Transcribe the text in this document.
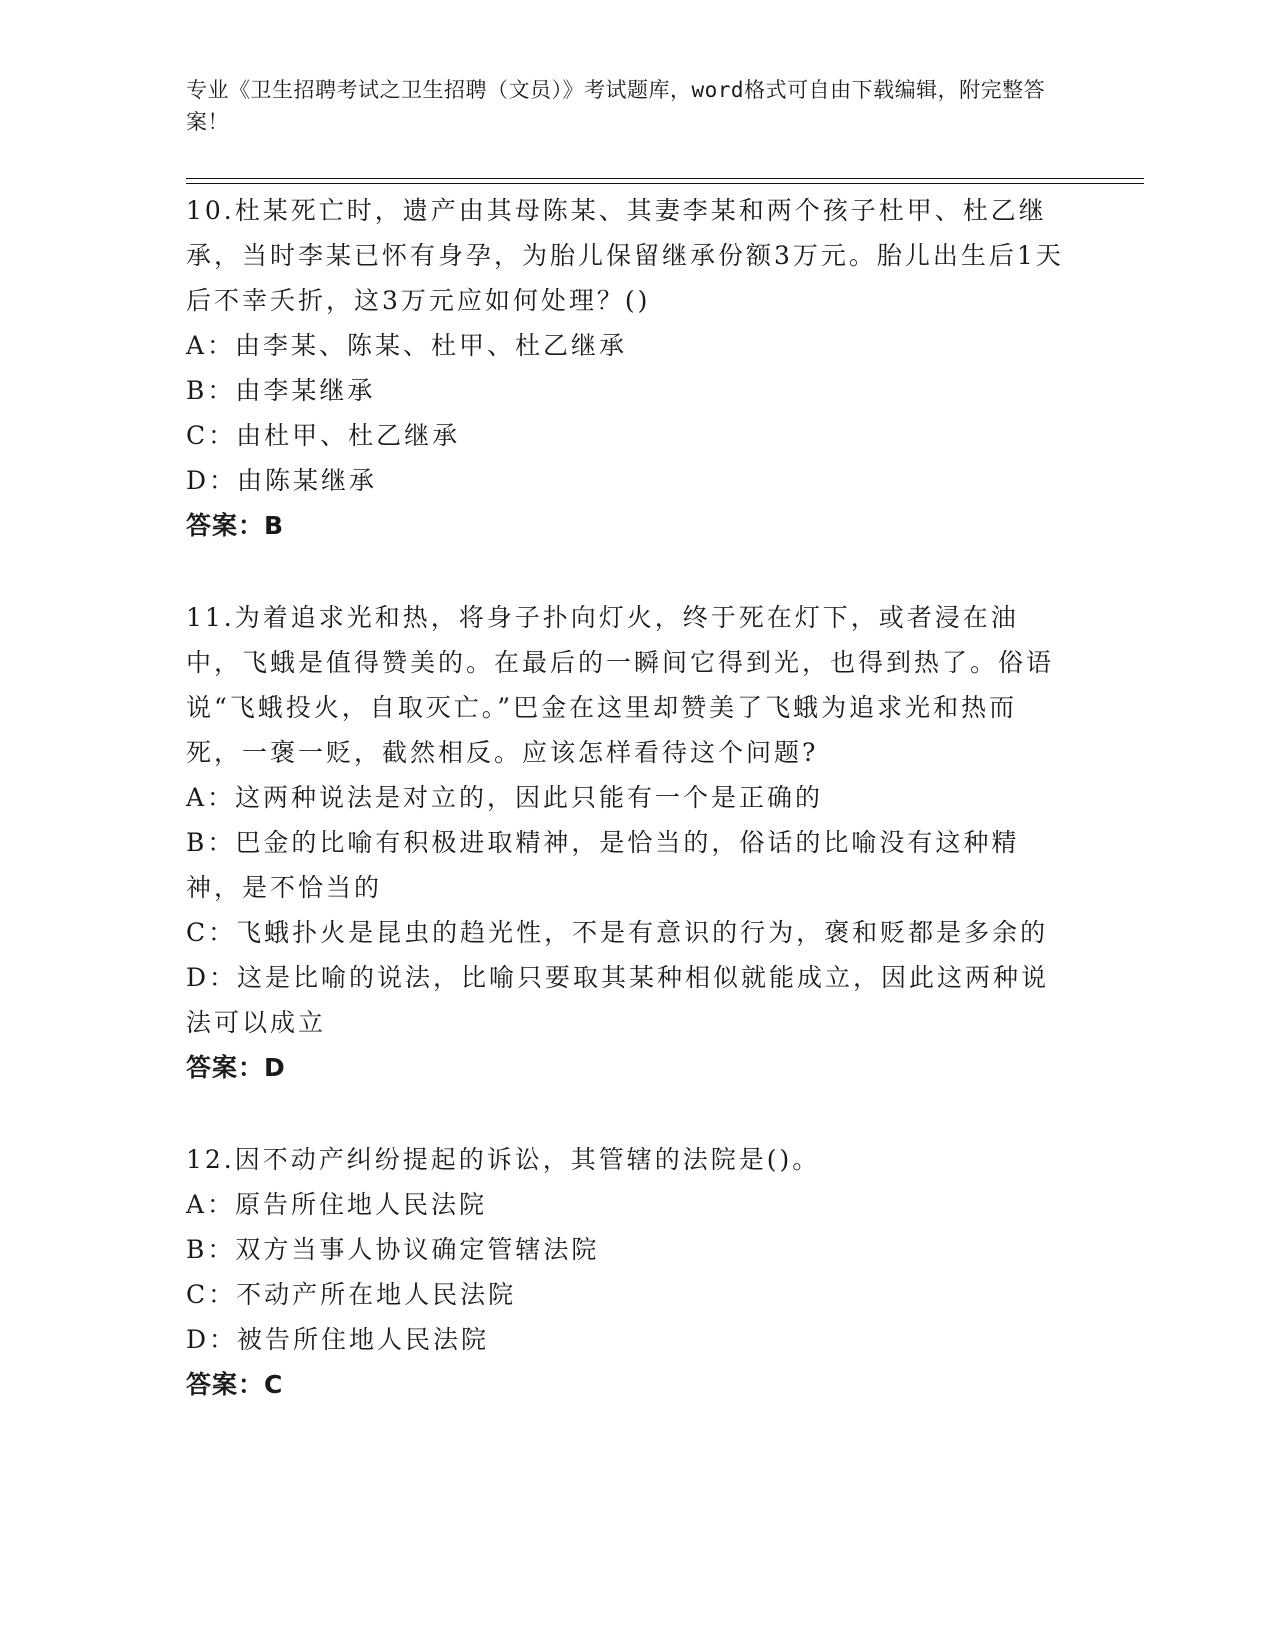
专业《卫生招聘考试之卫生招聘（文员）》考试题库，word格式可自由下载编辑，附完整答案！
10.杜某死亡时，遗产由其母陈某、其妻李某和两个孩子杜甲、杜乙继承，当时李某已怀有身孕，为胎儿保留继承份额3万元。胎儿出生后1天后不幸夭折，这3万元应如何处理？()
A：由李某、陈某、杜甲、杜乙继承
B：由李某继承
C：由杜甲、杜乙继承
D：由陈某继承
答案：B
11.为着追求光和热，将身子扑向灯火，终于死在灯下，或者浸在油中，飞蛾是值得赞美的。在最后的一瞬间它得到光，也得到热了。俗语说“飞蛾投火，自取灭亡。”巴金在这里却赞美了飞蛾为追求光和热而死，一褒一贬，截然相反。应该怎样看待这个问题?
A：这两种说法是对立的，因此只能有一个是正确的
B：巴金的比喻有积极进取精神，是恰当的，俗话的比喻没有这种精神，是不恰当的
C：飞蛾扑火是昆虫的趋光性，不是有意识的行为，褒和贬都是多余的
D：这是比喻的说法，比喻只要取其某种相似就能成立，因此这两种说法可以成立
答案：D
12.因不动产纠纷提起的诉讼，其管辖的法院是()。
A：原告所住地人民法院
B：双方当事人协议确定管辖法院
C：不动产所在地人民法院
D：被告所住地人民法院
答案：C
